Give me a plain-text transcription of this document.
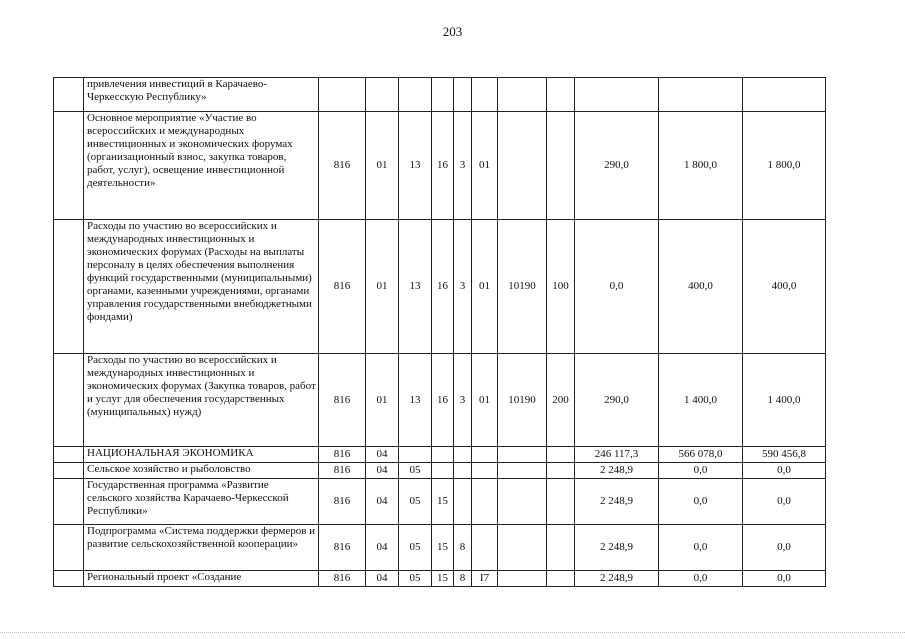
203
	привлечения инвестиций в Карачаево-Черкесскую Республику»											
	Основное мероприятие «Участие во всероссийских и международных инвестиционных и экономических форумах (организационный взнос, закупка товаров, работ, услуг), освещение инвестиционной деятельности»	816	01	13	16	3	01			290,0	1 800,0	1 800,0
	Расходы по участию во всероссийских и международных инвестиционных и экономических форумах (Расходы на выплаты персоналу в целях обеспечения выполнения функций государственными (муниципальными) органами, казенными учреждениями, органами управления государственными внебюджетными фондами)	816	01	13	16	3	01	10190	100	0,0	400,0	400,0
	Расходы по участию во всероссийских и международных инвестиционных и экономических форумах (Закупка товаров, работ и услуг для обеспечения государственных (муниципальных) нужд)	816	01	13	16	3	01	10190	200	290,0	1 400,0	1 400,0
	НАЦИОНАЛЬНАЯ ЭКОНОМИКА	816	04							246 117,3	566 078,0	590 456,8
	Сельское хозяйство и рыболовство	816	04	05						2 248,9	0,0	0,0
	Государственная программа «Развитие сельского хозяйства Карачаево-Черкесской Республики»	816	04	05	15					2 248,9	0,0	0,0
	Подпрограмма «Система поддержки фермеров и развитие сельскохозяйственной кооперации»	816	04	05	15	8				2 248,9	0,0	0,0
	Региональный проект «Создание	816	04	05	15	8	I7			2 248,9	0,0	0,0
